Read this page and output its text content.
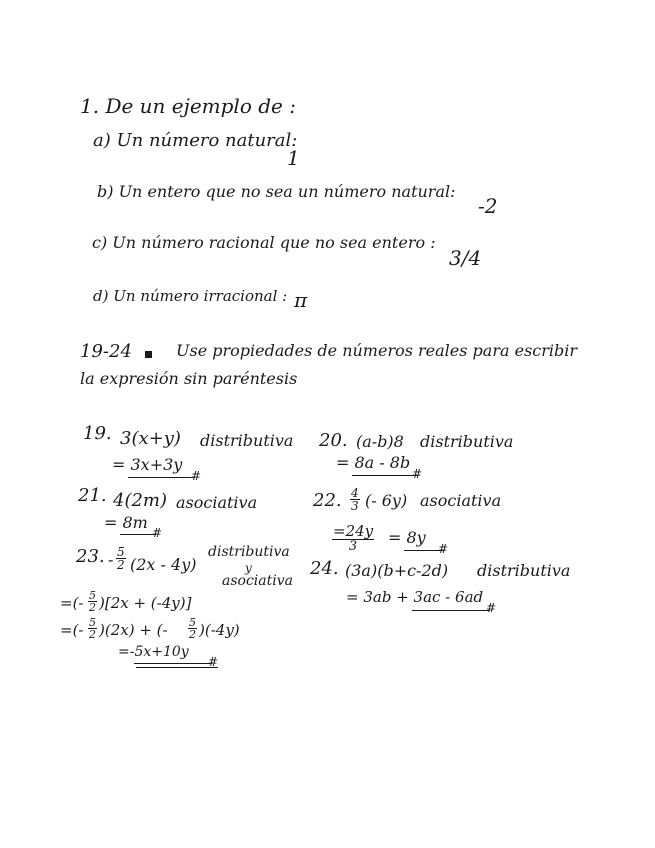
1. De un ejemplo de :
a) Un número natural:
1
b) Un entero que no sea un número natural:
-2
c) Un número racional que no sea entero :
3/4
d) Un número irracional : π
19-24	Use propiedades de números reales para escribir
la expresión sin paréntesis
19. 3(x+y) distributiva
= 3x+3y
#
20. (a-b)8 distributiva
= 8a - 8b
#
21. 4(2m) asociativa
= 8m
#
22. $\frac{4}{3}$ (- 6y) asociativa
$\frac{=24y}{3} = 8y$
#
23. - $\frac{5}{2} (2x - 4y)$
distributiva
y
asociativa
=(- $\frac{5}{2} )[2x + (-4y)]$
=(- $\frac{5}{2} )(2x)$ + (- $\frac{5}{2} )(-4y)$
=-5x+10y
#
24. (3a)(b+c-2d) distributiva
= 3ab + 3ac - 6ad
#
